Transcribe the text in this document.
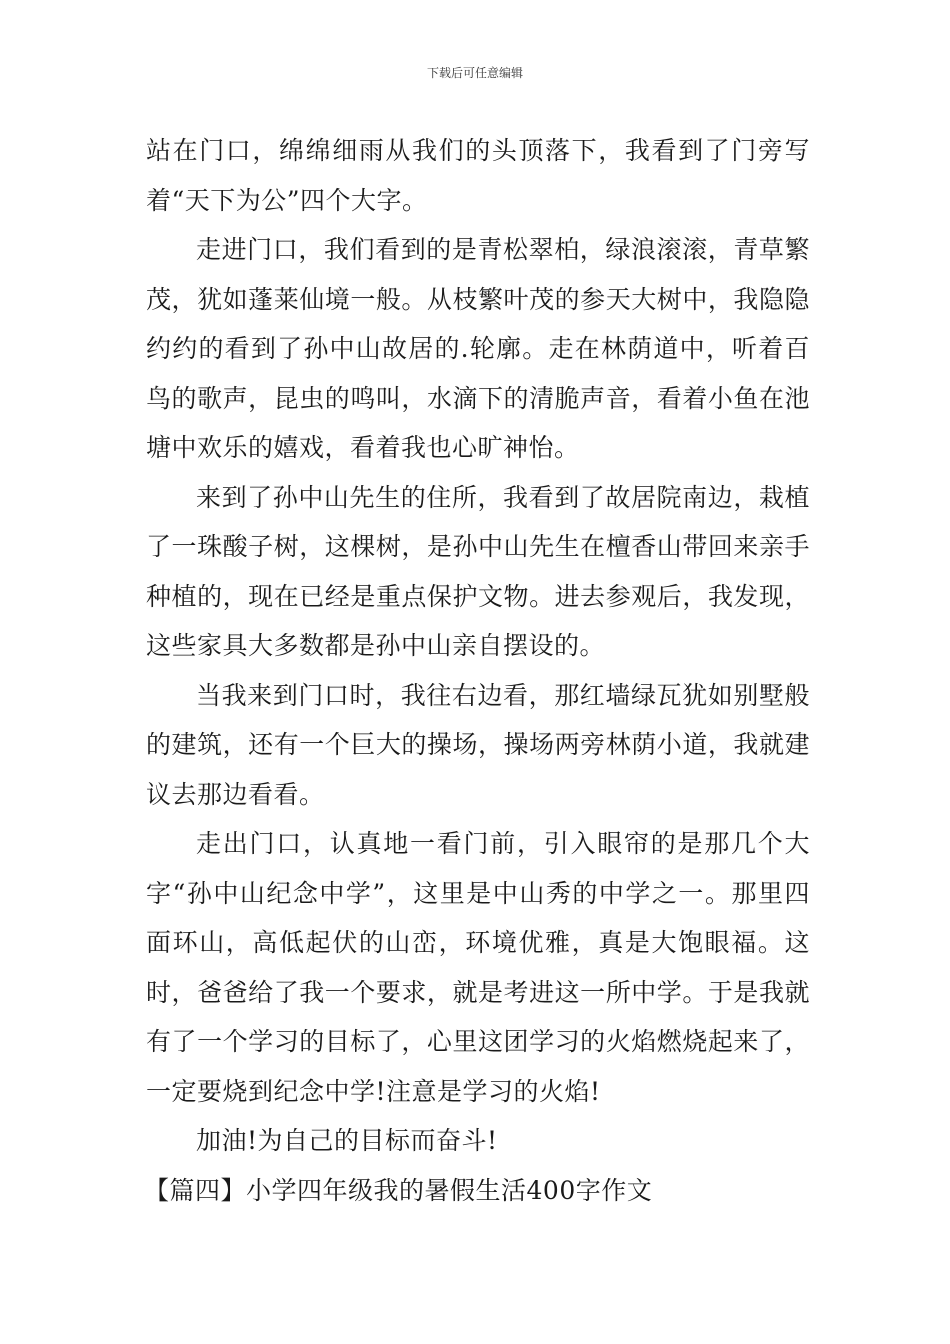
下载后可任意编辑

站在门口，绵绵细雨从我们的头顶落下，我看到了门旁写着“天下为公”四个大字。

走进门口，我们看到的是青松翠柏，绿浪滚滚，青草繁茂，犹如蓬莱仙境一般。从枝繁叶茂的参天大树中，我隐隐约约的看到了孙中山故居的.轮廓。走在林荫道中，听着百鸟的歌声，昆虫的鸣叫，水滴下的清脆声音，看着小鱼在池塘中欢乐的嬉戏，看着我也心旷神怡。

来到了孙中山先生的住所，我看到了故居院南边，栽植了一珠酸子树，这棵树，是孙中山先生在檀香山带回来亲手种植的，现在已经是重点保护文物。进去参观后，我发现，这些家具大多数都是孙中山亲自摆设的。

当我来到门口时，我往右边看，那红墙绿瓦犹如别墅般的建筑，还有一个巨大的操场，操场两旁林荫小道，我就建议去那边看看。

走出门口，认真地一看门前，引入眼帘的是那几个大字“孙中山纪念中学”，这里是中山秀的中学之一。那里四面环山，高低起伏的山峦，环境优雅，真是大饱眼福。这时，爸爸给了我一个要求，就是考进这一所中学。于是我就有了一个学习的目标了，心里这团学习的火焰燃烧起来了，一定要烧到纪念中学!注意是学习的火焰!

加油!为自己的目标而奋斗!

【篇四】小学四年级我的暑假生活400字作文
